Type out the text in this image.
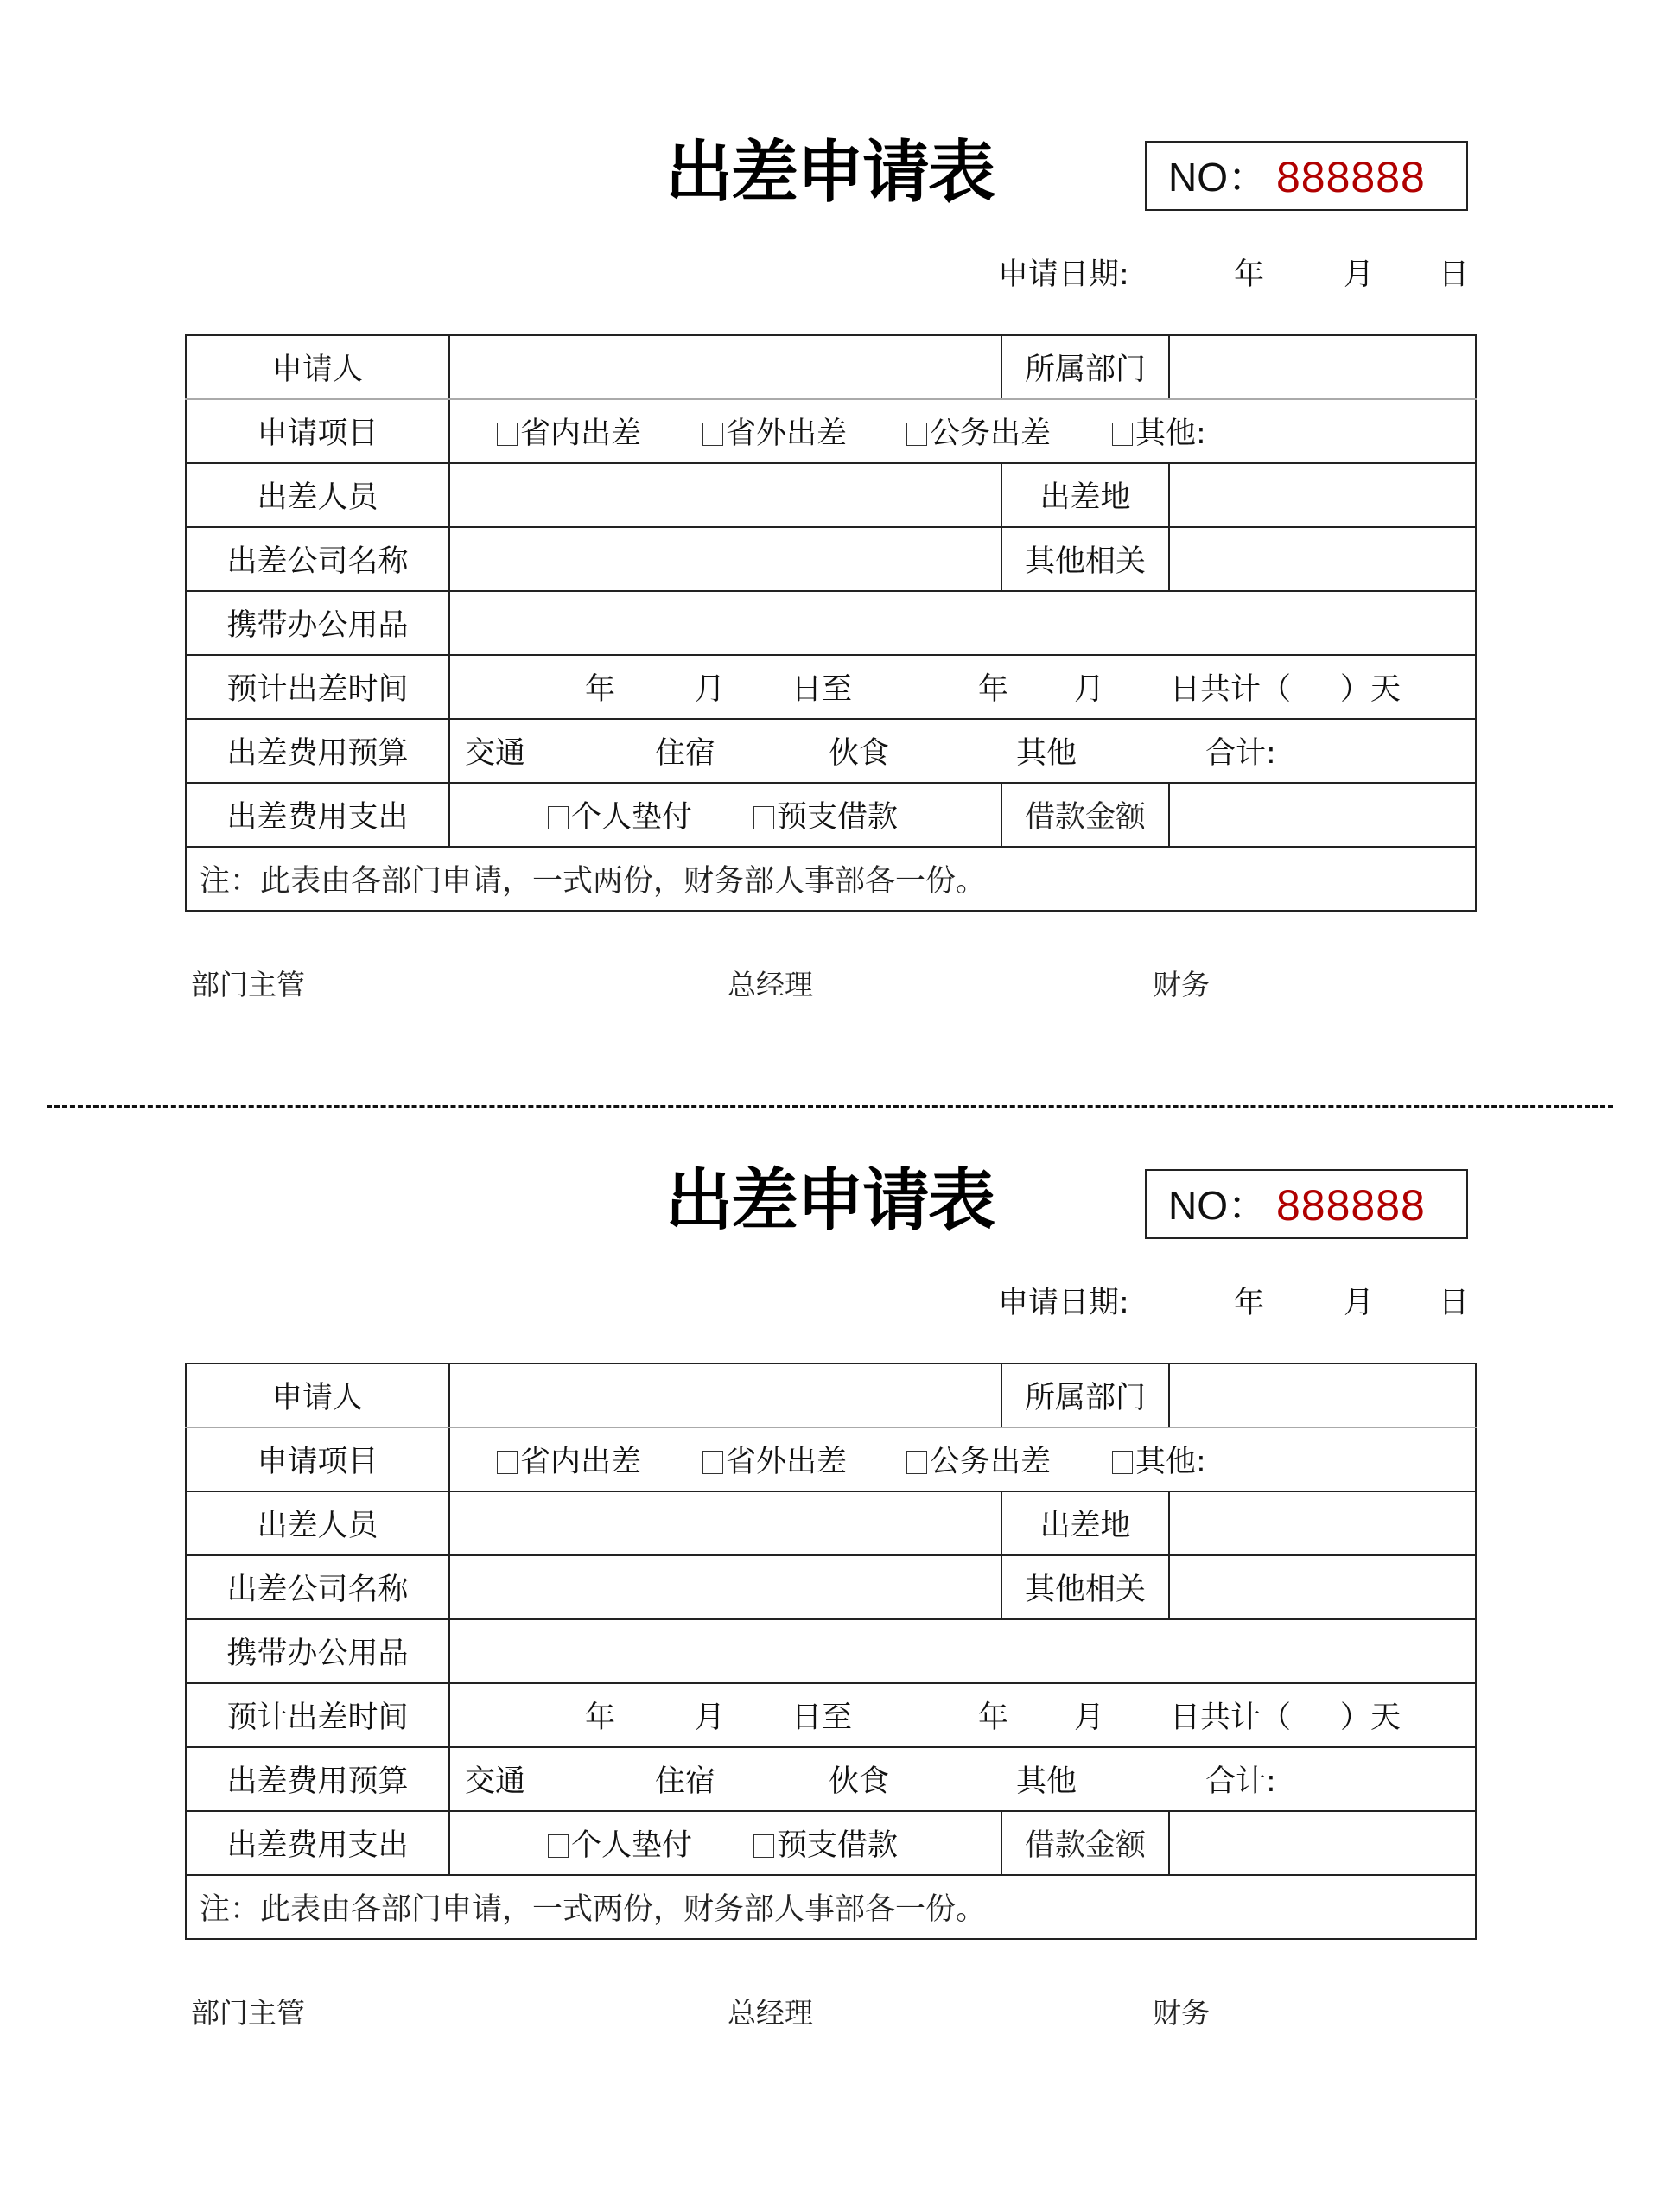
出差申请表	NO： 888888
申请日期:	年	月 日
申请人		所属部门	
申请项目	省内出差 省外出差 公务出差 其他:		

出差人员		出差地	
出差公司名称		其他相关	
携带办公用品			
预计出差时间	年	月 日至	年 月 日共计（ ）天

出差费用预算	交通 住宿 伙食 其他 合计:		

出差费用支出	个人垫付 预支借款	借款金额	
注：此表由各部门申请，一式两份，财务部人事部各一份。			
部门主管	总经理	财务
出差申请表	NO： 888888
申请日期:	年	月 日
申请人		所属部门	
申请项目	省内出差 省外出差 公务出差 其他:		

出差人员		出差地	
出差公司名称		其他相关	
携带办公用品			
预计出差时间	年	月 日至	年 月 日共计（ ）天

出差费用预算	交通 住宿 伙食 其他 合计:		

出差费用支出	个人垫付 预支借款	借款金额	
注：此表由各部门申请，一式两份，财务部人事部各一份。			
部门主管	总经理	财务
